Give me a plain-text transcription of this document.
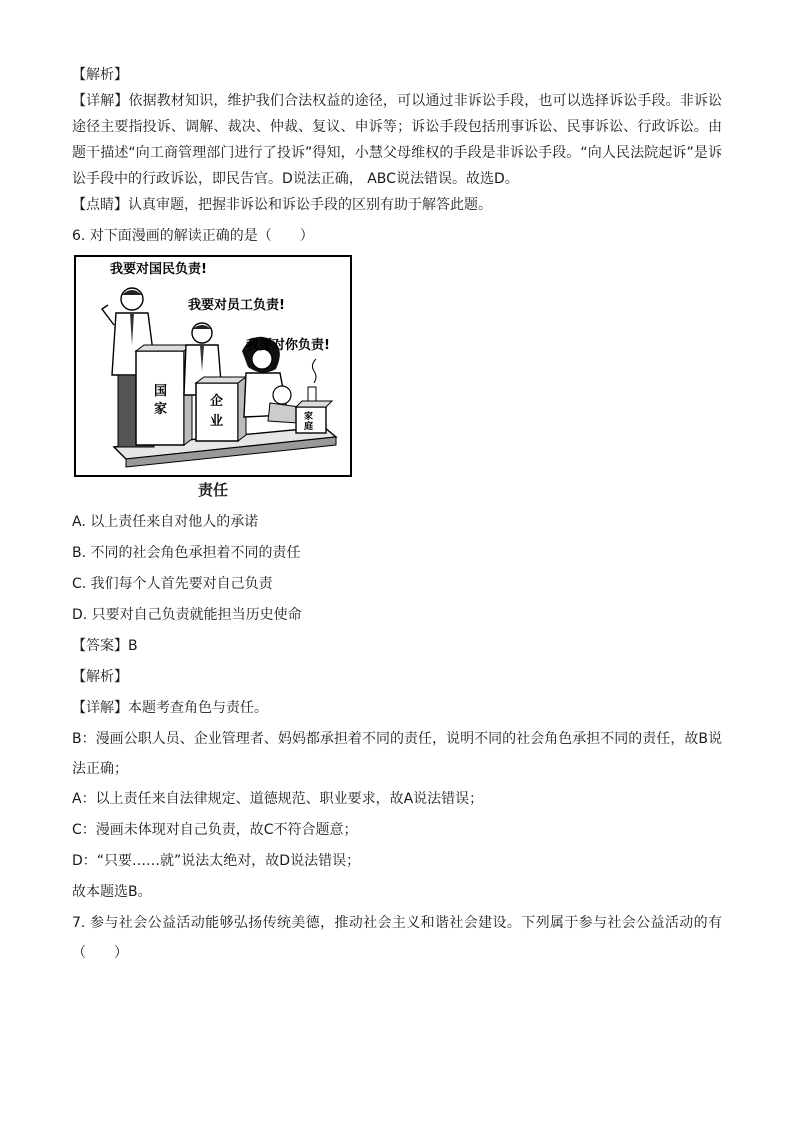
【解析】

【详解】依据教材知识，维护我们合法权益的途径，可以通过非诉讼手段，也可以选择诉讼手段。非诉讼途径主要指投诉、调解、裁决、仲裁、复议、申诉等；诉讼手段包括刑事诉讼、民事诉讼、行政诉讼。由题干描述“向工商管理部门进行了投诉”得知，小慧父母维权的手段是非诉讼手段。“向人民法院起诉”是诉讼手段中的行政诉讼，即民告官。D说法正确， ABC说法错误。故选D。

【点睛】认真审题，把握非诉讼和诉讼手段的区别有助于解答此题。

6. 对下面漫画的解读正确的是（　　）

我要对国民负责!
我要对员工负责!
我要对你负责!
国 家
企 业	家 庭
责任

A. 以上责任来自对他人的承诺

B. 不同的社会角色承担着不同的责任

C. 我们每个人首先要对自己负责

D. 只要对自己负责就能担当历史使命

【答案】B

【解析】

【详解】本题考查角色与责任。

B：漫画公职人员、企业管理者、妈妈都承担着不同的责任，说明不同的社会角色承担不同的责任，故B说法正确；

A：以上责任来自法律规定、道德规范、职业要求，故A说法错误；

C：漫画未体现对自己负责，故C不符合题意；

D：“只要……就”说法太绝对，故D说法错误；

故本题选B。

7. 参与社会公益活动能够弘扬传统美德，推动社会主义和谐社会建设。下列属于参与社会公益活动的有（　　）
